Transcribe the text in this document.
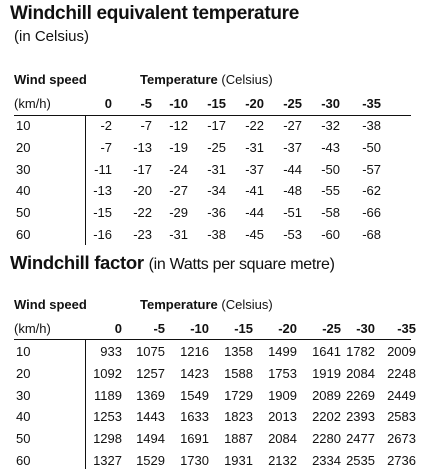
Windchill equivalent temperature
(in Celsius)
Wind speed	Temperature (Celsius)
(km/h)	0 -5 -10 -15 -20 -25 -30 -35
10	-2 -7 -12 -17 -22 -27 -32 -38
20	-7 -13 -19 -25 -31 -37 -43 -50
30	-11 -17 -24 -31 -37 -44 -50 -57
40	-13 -20 -27 -34 -41 -48 -55 -62
50	-15 -22 -29 -36 -44 -51 -58 -66
60	-16 -23 -31 -38 -45 -53 -60 -68
Windchill factor (in Watts per square metre)
Wind speed	Temperature (Celsius)
(km/h)	0 -5 -10 -15 -20 -25 -30 -35
10	933 1075 1216 1358 1499 1641 1782 2009
20	1092 1257 1423 1588 1753 1919 2084 2248
30	1189 1369 1549 1729 1909 2089 2269 2449
40	1253 1443 1633 1823 2013 2202 2393 2583
50	1298 1494 1691 1887 2084 2280 2477 2673
60	1327 1529 1730 1931 2132 2334 2535 2736
